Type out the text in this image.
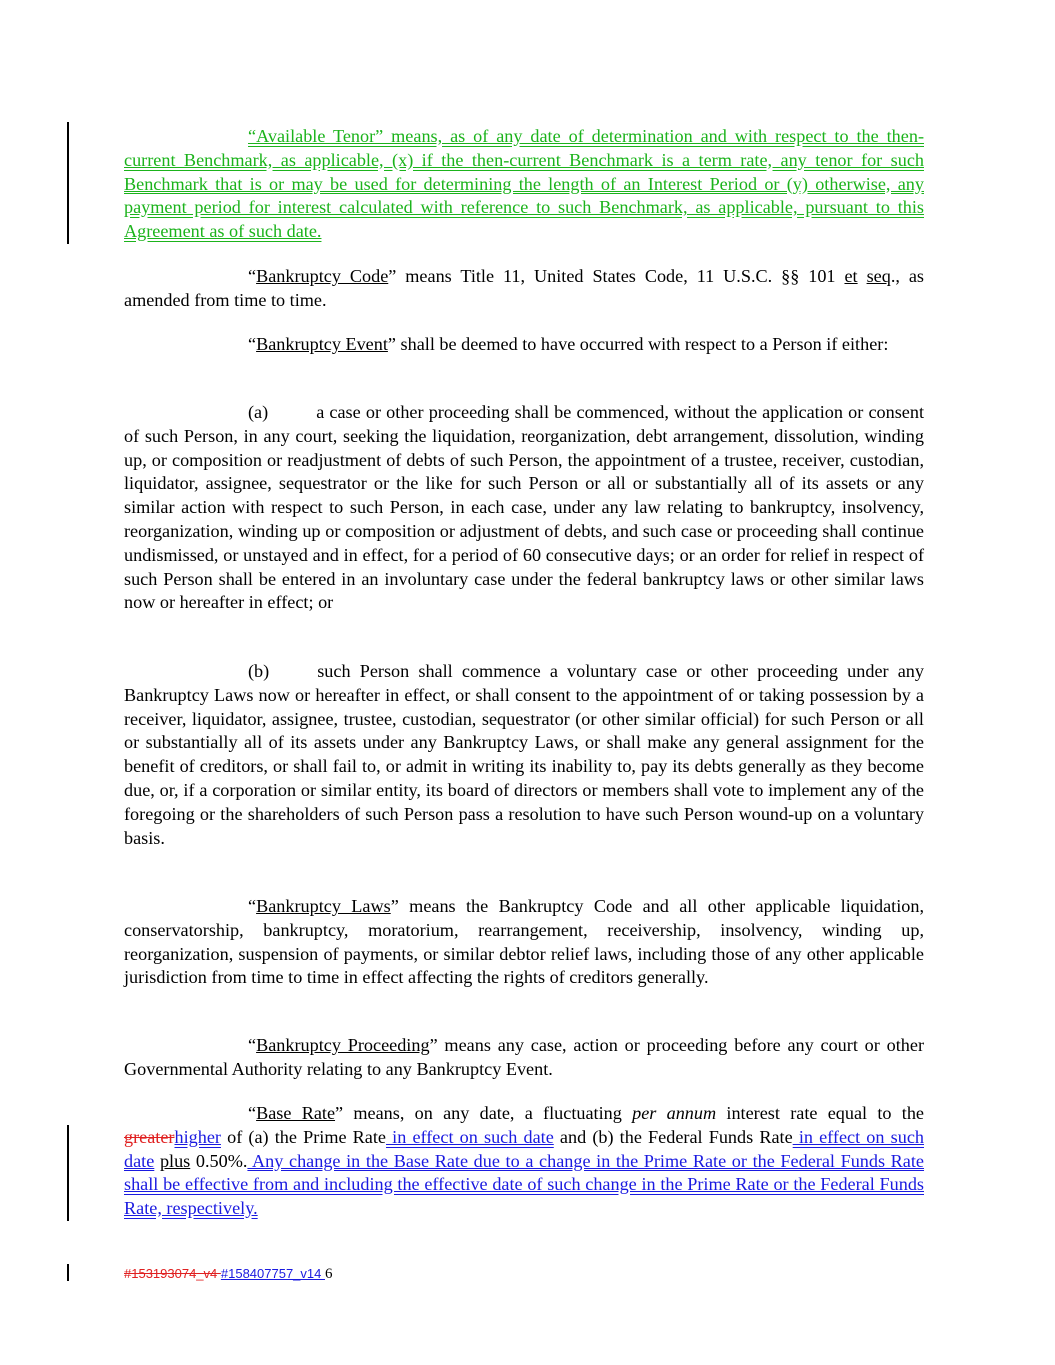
“Available Tenor” means, as of any date of determination and with respect to the then-current Benchmark, as applicable, (x) if the then-current Benchmark is a term rate, any tenor for such Benchmark that is or may be used for determining the length of an Interest Period or (y) otherwise, any payment period for interest calculated with reference to such Benchmark, as applicable, pursuant to this Agreement as of such date.
“Bankruptcy Code” means Title 11, United States Code, 11 U.S.C. §§ 101 et seq., as amended from time to time.
“Bankruptcy Event” shall be deemed to have occurred with respect to a Person if either:
(a)	a case or other proceeding shall be commenced, without the application or consent of such Person, in any court, seeking the liquidation, reorganization, debt arrangement, dissolution, winding up, or composition or readjustment of debts of such Person, the appointment of a trustee, receiver, custodian, liquidator, assignee, sequestrator or the like for such Person or all or substantially all of its assets or any similar action with respect to such Person, in each case, under any law relating to bankruptcy, insolvency, reorganization, winding up or composition or adjustment of debts, and such case or proceeding shall continue undismissed, or unstayed and in effect, for a period of 60 consecutive days; or an order for relief in respect of such Person shall be entered in an involuntary case under the federal bankruptcy laws or other similar laws now or hereafter in effect; or
(b)	such Person shall commence a voluntary case or other proceeding under any Bankruptcy Laws now or hereafter in effect, or shall consent to the appointment of or taking possession by a receiver, liquidator, assignee, trustee, custodian, sequestrator (or other similar official) for such Person or all or substantially all of its assets under any Bankruptcy Laws, or shall make any general assignment for the benefit of creditors, or shall fail to, or admit in writing its inability to, pay its debts generally as they become due, or, if a corporation or similar entity, its board of directors or members shall vote to implement any of the foregoing or the shareholders of such Person pass a resolution to have such Person wound-up on a voluntary basis.
“Bankruptcy Laws” means the Bankruptcy Code and all other applicable liquidation, conservatorship, bankruptcy, moratorium, rearrangement, receivership, insolvency, winding up, reorganization, suspension of payments, or similar debtor relief laws, including those of any other applicable jurisdiction from time to time in effect affecting the rights of creditors generally.
“Bankruptcy Proceeding” means any case, action or proceeding before any court or other Governmental Authority relating to any Bankruptcy Event.
“Base Rate” means, on any date, a fluctuating per annum interest rate equal to the greaterhigher of (a) the Prime Rate in effect on such date and (b) the Federal Funds Rate in effect on such date plus 0.50%. Any change in the Base Rate due to a change in the Prime Rate or the Federal Funds Rate shall be effective from and including the effective date of such change in the Prime Rate or the Federal Funds Rate, respectively.
#153193074_v4 #158407757_v14 6
